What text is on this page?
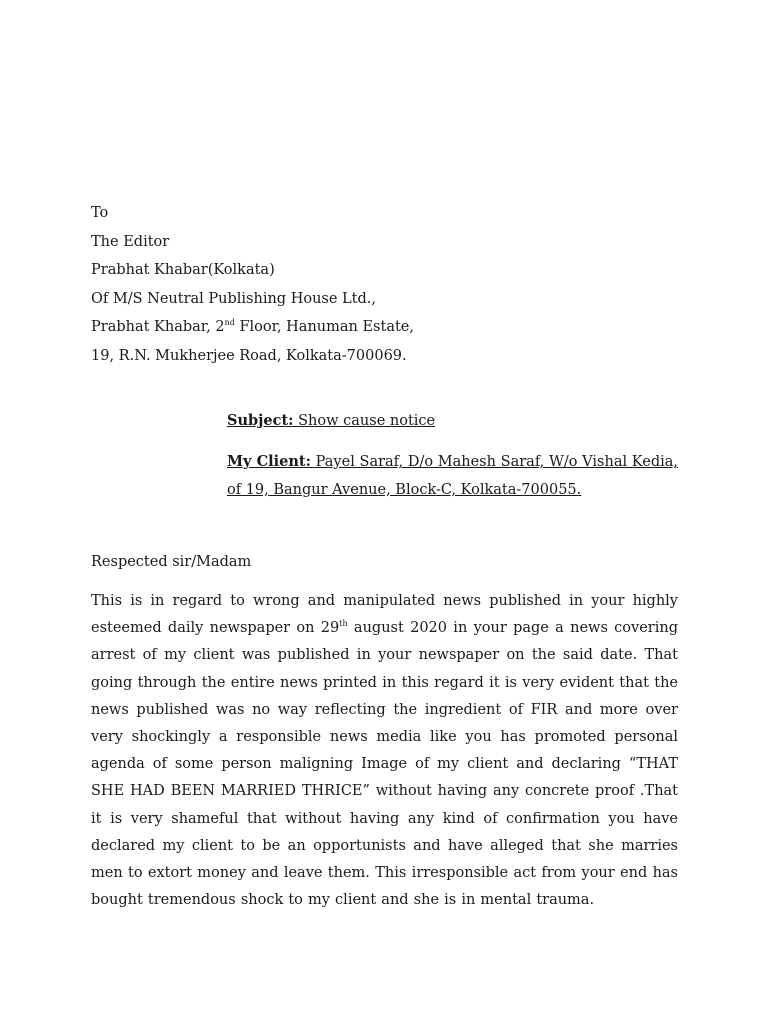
To
The Editor
Prabhat Khabar(Kolkata)
Of M/S Neutral Publishing House Ltd.,
Prabhat Khabar, 2nd Floor, Hanuman Estate,
19, R.N. Mukherjee Road, Kolkata-700069.
Subject: Show cause notice
My Client: Payel Saraf, D/o Mahesh Saraf, W/o Vishal Kedia, of 19, Bangur Avenue, Block-C, Kolkata-700055.
Respected sir/Madam
This is in regard to wrong and manipulated news published in your highly esteemed daily newspaper on 29th august 2020 in your page a news covering arrest of my client was published in your newspaper on the said date. That going through the entire news printed in this regard it is very evident that the news published was no way reflecting the ingredient of FIR and more over very shockingly a responsible news media like you has promoted personal agenda of some person maligning Image of my client and declaring “THAT SHE HAD BEEN MARRIED THRICE” without having any concrete proof .That it is very shameful that without having any kind of confirmation you have declared my client to be an opportunists and have alleged that she marries men to extort money and leave them. This irresponsible act from your end has bought tremendous shock to my client and she is in mental trauma.
